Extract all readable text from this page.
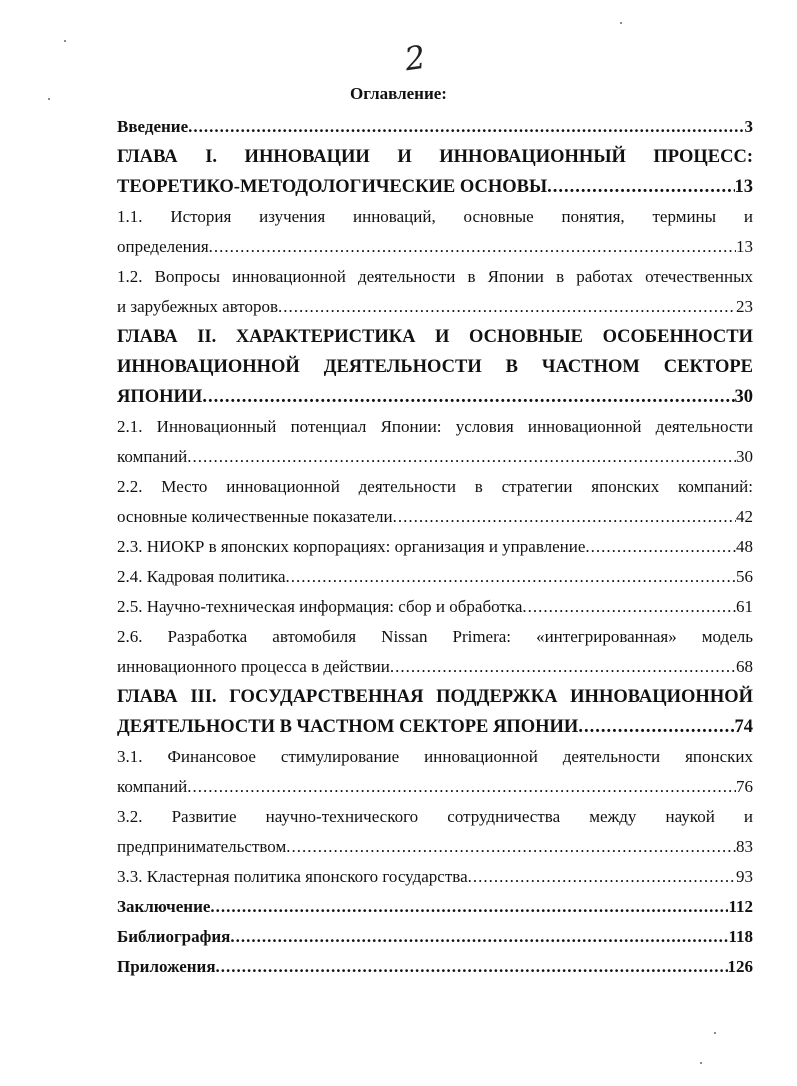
2
Оглавление:
Введение .....	3
ГЛАВА I. ИННОВАЦИИ И ИННОВАЦИОННЫЙ ПРОЦЕСС:
ТЕОРЕТИКО-МЕТОДОЛОГИЧЕСКИЕ ОСНОВЫ .....	13
1.1. История изучения инноваций, основные понятия, термины и
определения .....	13
1.2. Вопросы инновационной деятельности в Японии в работах отечественных
и зарубежных авторов .....	23
ГЛАВА II. ХАРАКТЕРИСТИКА И ОСНОВНЫЕ ОСОБЕННОСТИ
ИННОВАЦИОННОЙ ДЕЯТЕЛЬНОСТИ В ЧАСТНОМ СЕКТОРЕ
ЯПОНИИ .....	30
2.1. Инновационный потенциал Японии: условия инновационной деятельности
компаний .....	30
2.2. Место инновационной деятельности в стратегии японских компаний:
основные количественные показатели .....	42
2.3. НИОКР в японских корпорациях: организация и управление .....	48
2.4. Кадровая политика .....	56
2.5. Научно-техническая информация: сбор и обработка .....	61
2.6. Разработка автомобиля Nissan Primera: «интегрированная» модель
инновационного процесса в действии .....	68
ГЛАВА III. ГОСУДАРСТВЕННАЯ ПОДДЕРЖКА ИННОВАЦИОННОЙ
ДЕЯТЕЛЬНОСТИ В ЧАСТНОМ СЕКТОРЕ ЯПОНИИ .....	74
3.1. Финансовое стимулирование инновационной деятельности японских
компаний .....	76
3.2. Развитие научно-технического сотрудничества между наукой и
предпринимательством .....	83
3.3. Кластерная политика японского государства .....	93
Заключение .....	112
Библиография .....	118
Приложения .....	126
